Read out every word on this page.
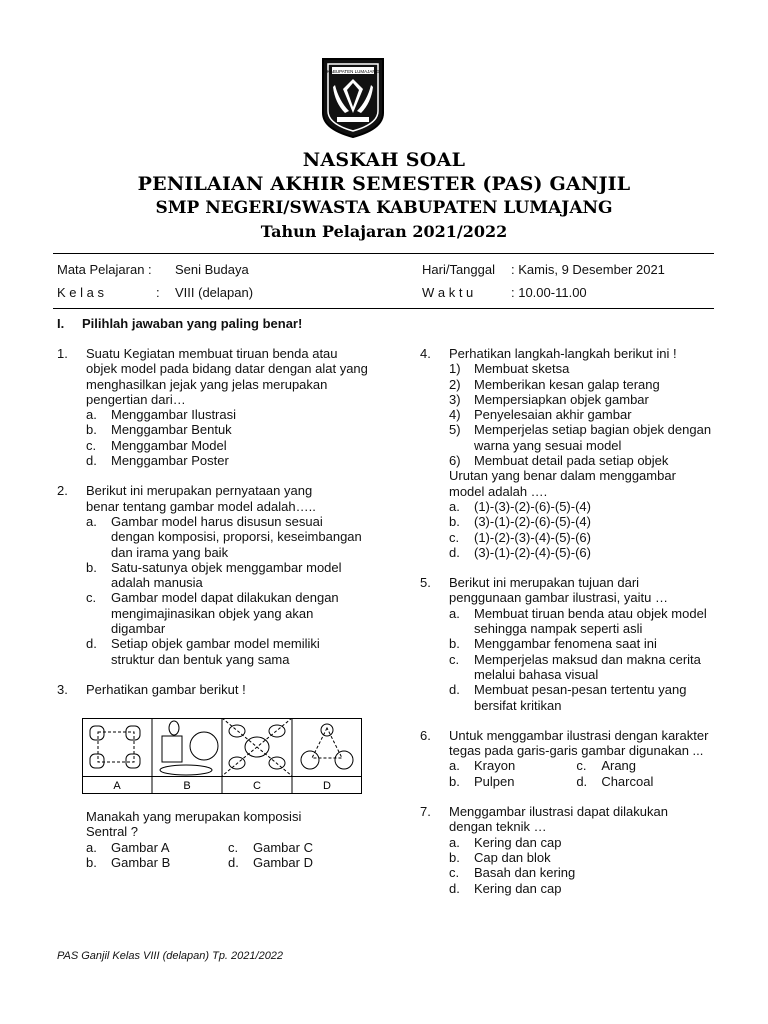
KABUPATEN LUMAJANG
NASKAH SOAL
PENILAIAN AKHIR SEMESTER (PAS) GANJIL
SMP NEGERI/SWASTA KABUPATEN LUMAJANG
Tahun Pelajaran 2021/2022
Mata Pelajaran : Seni Budaya
K e l a s	: VIII (delapan)
Hari/Tanggal : Kamis, 9 Desember 2021
W a k t u	: 10.00-11.00
I. Pilihlah jawaban yang paling benar!
1.	Suatu Kegiatan membuat tiruan benda atau objek model pada bidang datar dengan alat yang menghasilkan jejak yang jelas merupakan pengertian dari…
a.	Menggambar Ilustrasi
b.	Menggambar Bentuk
c.	Menggambar Model
d.	Menggambar Poster
2.	Berikut ini merupakan pernyataan yang benar tentang gambar model adalah…..
a.	Gambar model harus disusun sesuai dengan komposisi, proporsi, keseimbangan dan irama yang baik
b.	Satu-satunya objek menggambar model adalah manusia
c.	Gambar model dapat dilakukan dengan mengimajinasikan objek yang akan digambar
d.	Setiap objek gambar model memiliki struktur dan bentuk yang sama
3.	Perhatikan gambar berikut !
A	B	C	D
Manakah yang merupakan komposisi Sentral ?
a. Gambar A	c. Gambar C
b. Gambar B	d. Gambar D
4.	Perhatikan langkah-langkah berikut ini !
1)	Membuat sketsa
2)	Memberikan kesan galap terang
3)	Mempersiapkan objek gambar
4)	Penyelesaian akhir gambar
5)	Memperjelas setiap bagian objek dengan warna yang sesuai model
6)	Membuat detail pada setiap objek
Urutan yang benar dalam menggambar model adalah ….
a.	(1)-(3)-(2)-(6)-(5)-(4)
b.	(3)-(1)-(2)-(6)-(5)-(4)
c.	(1)-(2)-(3)-(4)-(5)-(6)
d.	(3)-(1)-(2)-(4)-(5)-(6)
5.	Berikut ini merupakan tujuan dari penggunaan gambar ilustrasi, yaitu …
a.	Membuat tiruan benda atau objek model sehingga nampak seperti asli
b.	Menggambar fenomena saat ini
c.	Memperjelas maksud dan makna cerita melalui bahasa visual
d.	Membuat pesan-pesan tertentu yang bersifat kritikan
6.	Untuk menggambar ilustrasi dengan karakter tegas pada garis-garis gambar digunakan ...
a. Krayon	c. Arang
b. Pulpen	d. Charcoal
7.	Menggambar ilustrasi dapat dilakukan dengan teknik …
a.	Kering dan cap
b.	Cap dan blok
c.	Basah dan kering
d.	Kering dan cap
PAS Ganjil Kelas VIII (delapan) Tp. 2021/2022
